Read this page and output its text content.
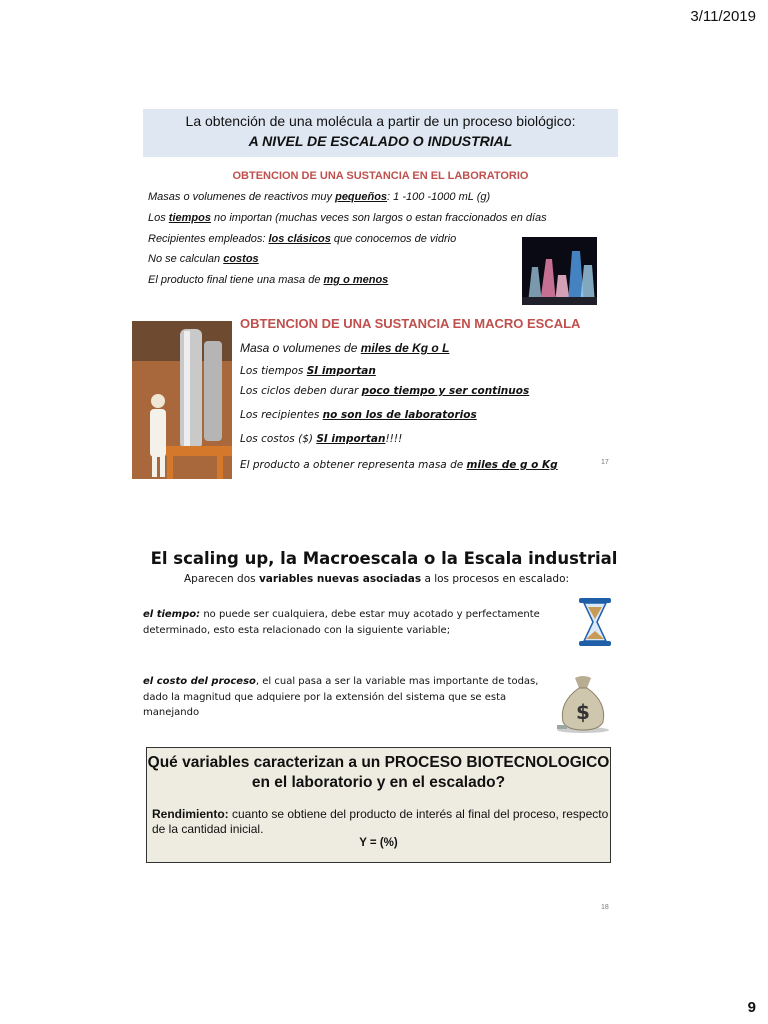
3/11/2019
La obtención de una molécula a partir de un proceso biológico:
A NIVEL DE ESCALADO O INDUSTRIAL
OBTENCION DE UNA SUSTANCIA EN EL LABORATORIO
Masas o volumenes de reactivos muy pequeños: 1 -100 -1000 mL (g)
Los tiempos no importan (muchas veces son largos o estan fraccionados en días
Recipientes empleados: los clásicos que conocemos de vidrio
No se calculan costos
El producto final tiene una masa de mg o menos
OBTENCION DE UNA SUSTANCIA EN MACRO ESCALA
Masa o volumenes de miles de Kg o L
Los tiempos SI importan
Los ciclos deben durar poco tiempo y ser continuos
Los recipientes no son los de laboratorios
Los costos ($) SI importan!!!!
El producto a obtener representa masa de miles de g o Kg	17
El scaling up, la Macroescala o la Escala industrial
Aparecen dos variables nuevas asociadas a los procesos en escalado:
el tiempo: no puede ser cualquiera, debe estar muy acotado y perfectamente determinado, esto esta relacionado con la siguiente variable;
el costo del proceso, el cual pasa a ser la variable mas importante de todas, dado la magnitud que adquiere por la extensión del sistema que se esta manejando	$
Qué variables caracterizan a un PROCESO BIOTECNOLOGICO en el laboratorio y en el escalado?
Rendimiento: cuanto se obtiene del producto de interés al final del proceso, respecto de la cantidad inicial.
Y = (%)
18
9
